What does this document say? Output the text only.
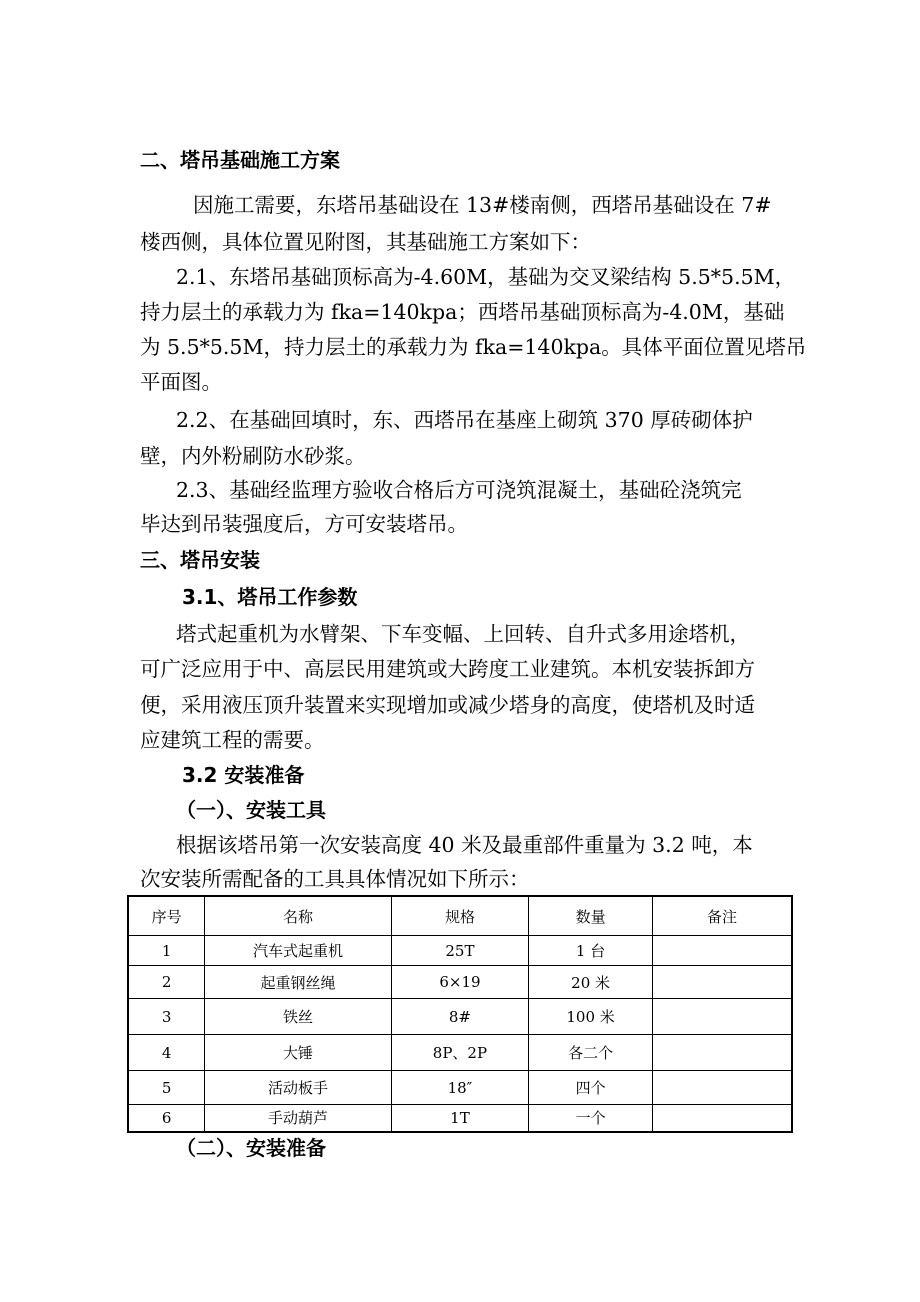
二、塔吊基础施工方案
因施工需要，东塔吊基础设在 13#楼南侧，西塔吊基础设在 7#
楼西侧，具体位置见附图，其基础施工方案如下：
2.1、东塔吊基础顶标高为-4.60M，基础为交叉梁结构 5.5*5.5M，
持力层土的承载力为 fka=140kpa；西塔吊基础顶标高为-4.0M，基础
为 5.5*5.5M，持力层土的承载力为 fka=140kpa。具体平面位置见塔吊
平面图。
2.2、在基础回填时，东、西塔吊在基座上砌筑 370 厚砖砌体护
壁，内外粉刷防水砂浆。
2.3、基础经监理方验收合格后方可浇筑混凝土，基础砼浇筑完
毕达到吊装强度后，方可安装塔吊。
三、塔吊安装
3.1、塔吊工作参数
塔式起重机为水臂架、下车变幅、上回转、自升式多用途塔机，
可广泛应用于中、高层民用建筑或大跨度工业建筑。本机安装拆卸方
便，采用液压顶升装置来实现增加或减少塔身的高度，使塔机及时适
应建筑工程的需要。
3.2 安装准备
（一）、安装工具
根据该塔吊第一次安装高度 40 米及最重部件重量为 3.2 吨，本
次安装所需配备的工具具体情况如下所示：
序号	名称	规格	数量	备注
1	汽车式起重机	25T	1 台	
2	起重钢丝绳	6×19	20 米	
3	铁丝	8#	100 米	
4	大锤	8P、2P	各二个	
5	活动板手	18″	四个	
6	手动葫芦	1T	一个	
（二）、安装准备
